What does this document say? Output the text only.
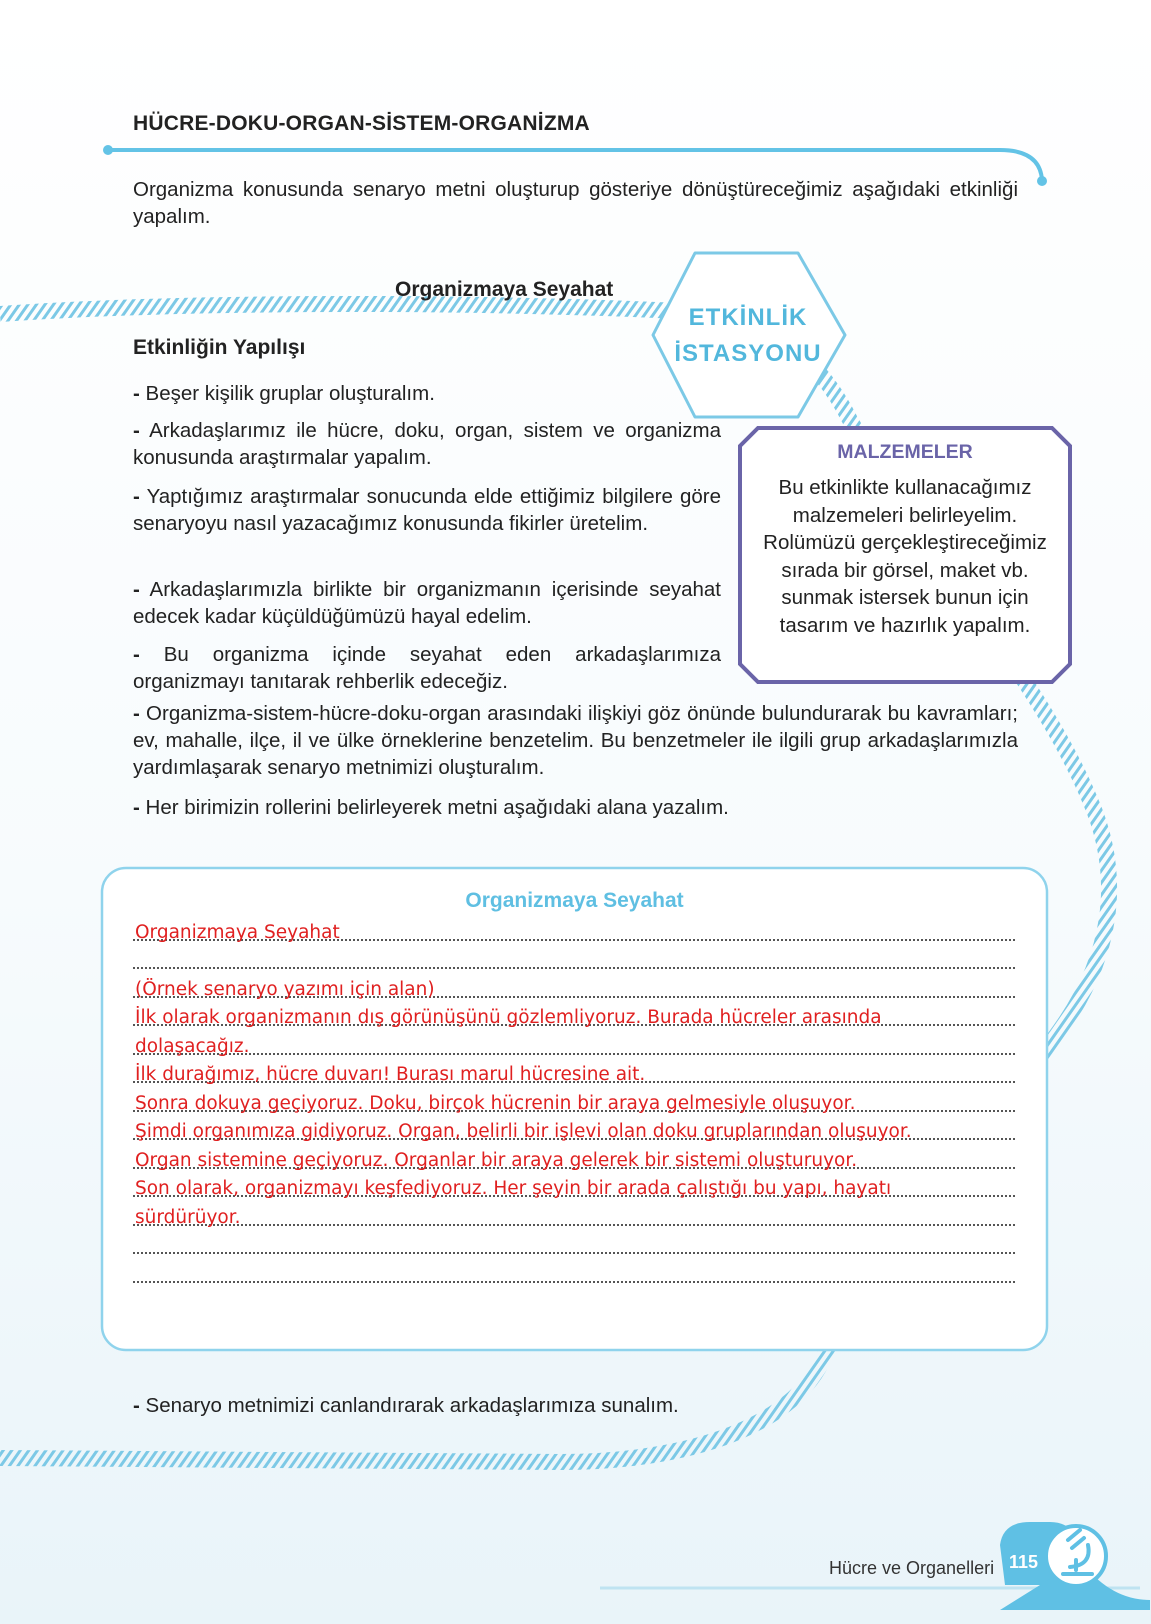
HÜCRE-DOKU-ORGAN-SİSTEM-ORGANİZMA
Organizma konusunda senaryo metni oluşturup gösteriye dönüştüreceğimiz aşağıdaki etkinliği yapalım.
Organizmaya Seyahat
ETKİNLİK
İSTASYONU
Etkinliğin Yapılışı
- Beşer kişilik gruplar oluşturalım.
- Arkadaşlarımız ile hücre, doku, organ, sistem ve organizma konusunda araştırmalar yapalım.
- Yaptığımız araştırmalar sonucunda elde ettiğimiz bilgilere göre senaryoyu nasıl yazacağımız konusunda fikirler üretelim.
- Arkadaşlarımızla birlikte bir organizmanın içerisinde seyahat edecek kadar küçüldüğümüzü hayal edelim.
- Bu organizma içinde seyahat eden arkadaşlarımıza organizmayı tanıtarak rehberlik edeceğiz.
- Organizma-sistem-hücre-doku-organ arasındaki ilişkiyi göz önünde bulundurarak bu kavramları; ev, mahalle, ilçe, il ve ülke örneklerine benzetelim. Bu benzetmeler ile ilgili grup arkadaşlarımızla yardımlaşarak senaryo metnimizi oluşturalım.
- Her birimizin rollerini belirleyerek metni aşağıdaki alana yazalım.
MALZEMELER
Bu etkinlikte kullanacağımız malzemeleri belirleyelim. Rolümüzü gerçekleştireceğimiz sırada bir görsel, maket vb. sunmak istersek bunun için tasarım ve hazırlık yapalım.
Organizmaya Seyahat
Organizmaya Seyahat
(Örnek senaryo yazımı için alan)
İlk olarak organizmanın dış görünüşünü gözlemliyoruz. Burada hücreler arasında
dolaşacağız.
İlk durağımız, hücre duvarı! Burası marul hücresine ait.
Sonra dokuya geçiyoruz. Doku, birçok hücrenin bir araya gelmesiyle oluşuyor.
Şimdi organımıza gidiyoruz. Organ, belirli bir işlevi olan doku gruplarından oluşuyor.
Organ sistemine geçiyoruz. Organlar bir araya gelerek bir sistemi oluşturuyor.
Son olarak, organizmayı keşfediyoruz. Her şeyin bir arada çalıştığı bu yapı, hayatı
sürdürüyor.
- Senaryo metnimizi canlandırarak arkadaşlarımıza sunalım.
Hücre ve Organelleri 115
